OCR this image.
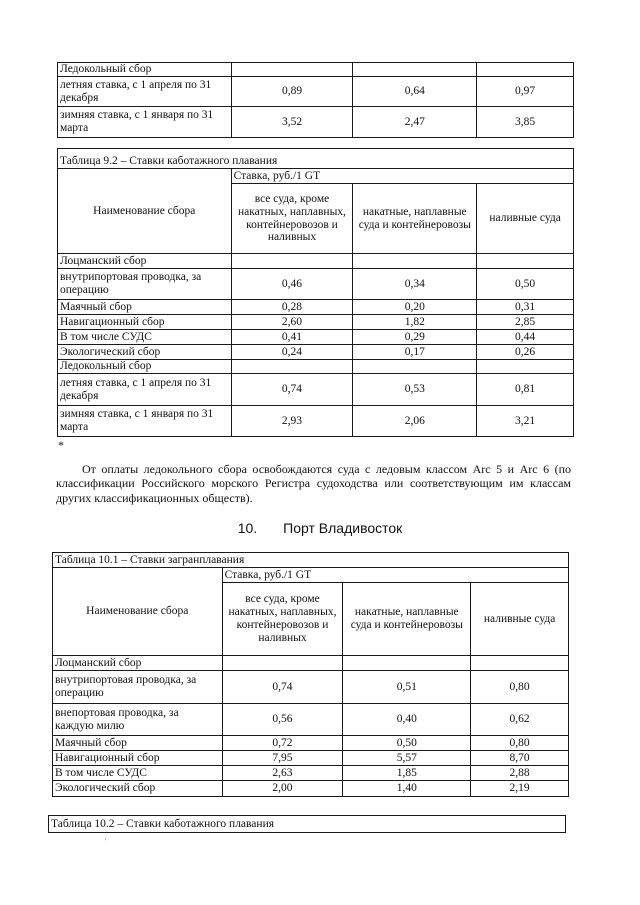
Ледокольный сбор			
летняя ставка, с 1 апреля по 31 декабря	0,89	0,64	0,97
зимняя ставка, с 1 января по 31 марта	3,52	2,47	3,85
Таблица 9.2 – Ставки каботажного плавания			
Наименование сбора	Ставка, руб./1 GT		
	все суда, кроме накатных, наплавных, контейнеровозов и наливных	накатные, наплавные суда и контейнеровозы	наливные суда
Лоцманский сбор			
внутрипортовая проводка, за операцию	0,46	0,34	0,50
Маячный сбор	0,28	0,20	0,31
Навигационный сбор	2,60	1,82	2,85
В том числе СУДС	0,41	0,29	0,44
Экологический сбор	0,24	0,17	0,26
Ледокольный сбор			
летняя ставка, с 1 апреля по 31 декабря	0,74	0,53	0,81
зимняя ставка, с 1 января по 31 марта	2,93	2,06	3,21
*

От оплаты ледокольного сбора освобождаются суда с ледовым классом Arc 5 и Arc 6 (по классификации Российского морского Регистра судоходства или соответствующим им классам других классификационных обществ).

10. Порт Владивосток
Таблица 10.1 – Ставки загранплавания			
Наименование сбора	Ставка, руб./1 GT		
	все суда, кроме накатных, наплавных, контейнеровозов и наливных	накатные, наплавные суда и контейнеровозы	наливные суда
Лоцманский сбор			
внутрипортовая проводка, за операцию	0,74	0,51	0,80
внепортовая проводка, за каждую милю	0,56	0,40	0,62
Маячный сбор	0,72	0,50	0,80
Навигационный сбор	7,95	5,57	8,70
В том числе СУДС	2,63	1,85	2,88
Экологический сбор	2,00	1,40	2,19
Таблица 10.2 – Ставки каботажного плавания
'
